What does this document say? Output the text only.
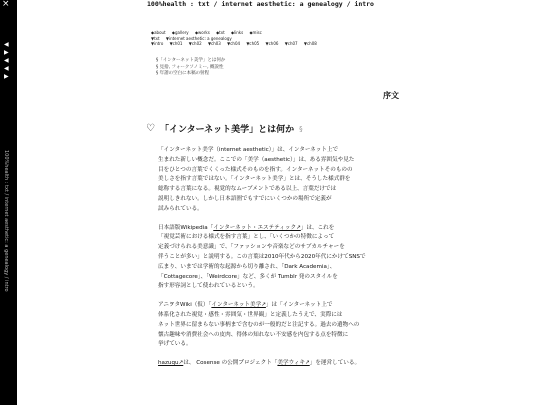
×
◀
▶
◀
◀
▶
100%health : txt / internet aesthetic: a genealogy / intro
100%health : txt / internet aesthetic: a genealogy / intro
◆about ◆gallery ◆works ◆txt ◆links ◆misc
▼txt ▼internet aesthetic: a genealogy
▼intro ▼ch01 ▼ch02 ▼ch03 ▼ch04 ▼ch05 ▼ch06 ▼ch07 ▼ch08
§「インターネット美学」とは何か
§ 見捨, フォークソノミー, 概説性
§ 年譜の空白に本稿の射程
序文
♡ 「インターネット美学」とは何か §

「インターネット美学（internet aesthetic）」は、インターネット上で
生まれた新しい概念だ。ここでの「美学（aesthetic）」は、ある雰囲気や見た
目をひとつの言葉でくくった様式そのものを指す。インターネットそのものの
美しさを指す言葉ではない。「インターネット美学」とは、そうした様式群を
総称する言葉になる。視覚的なムーブメントである以上、言葉だけでは
説明しきれない。しかし日本語圏でもすでにいくつかの場所で定義が
試みられている。

日本語版Wikipedia「インターネット・エステティック↗」は、これを
「視覚芸術における様式を指す言葉」とし、「いくつかの特徴によって
定義づけられる美意識」で、「ファッションや音楽などのサブカルチャーを
伴うことが多い」と説明する。この言葉は2010年代から2020年代にかけてSNSで
広まり、いまでは学術的な起源から切り離され、「Dark Academia」、
「Cottagecore」、「Weirdcore」など、多くが Tumblr 発のスタイルを
指す形容詞として使われているという。

アニヲタWiki（仮）「インターネット美学↗」は「インターネット上で
体系化された視覚・感性・雰囲気・世界観」と定義したうえで、実際には
ネット世界に留まらない事柄まで含むのが一般的だと注記する。過去の遺物への
懐古趣味や消費社会への皮肉、得体の知れない不安感を内包する点を特徴に
挙げている。

hazuqu↗は、 Cosense の公開プロジェクト「美学ウィキ↗」を運営している。
